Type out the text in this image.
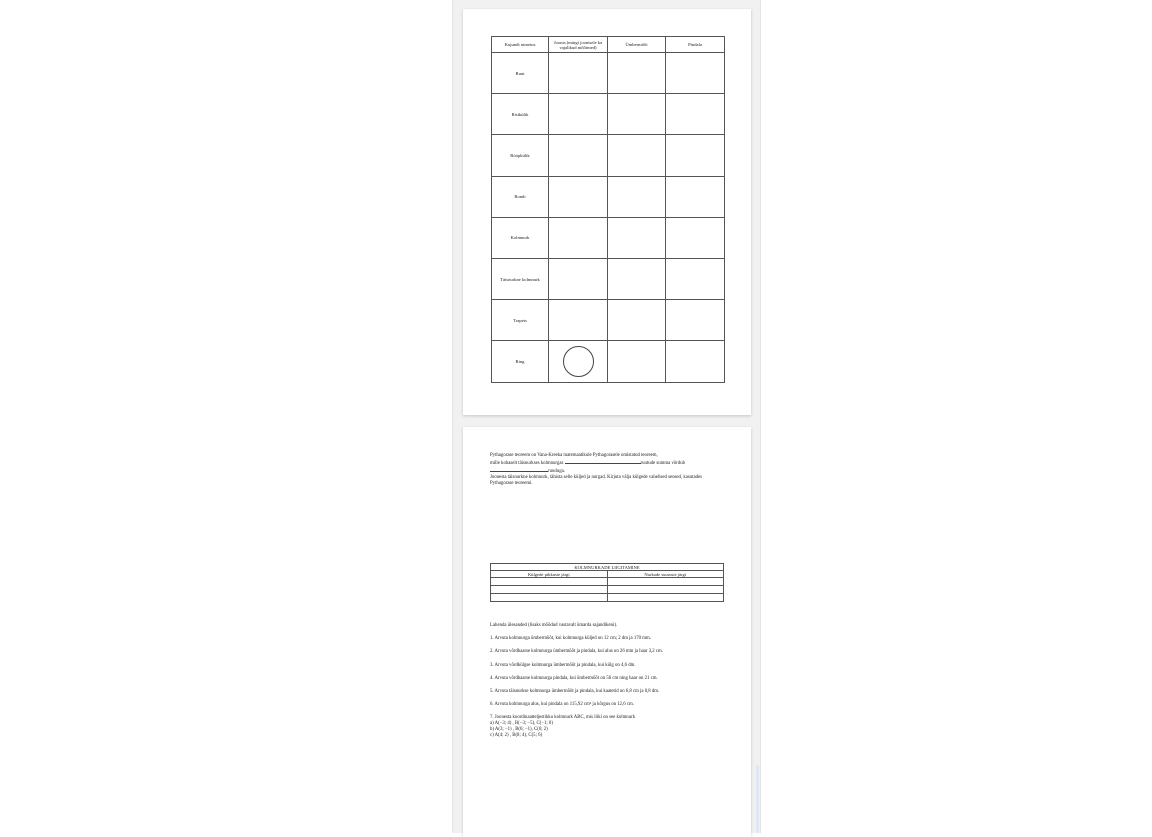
Kujundi nimetus	Joonis (märgi joonisele ka vajalikud mõõtmed)	Ümbermõõt	Pindala
Ruut			
Ristkülik			
Rööpkülik			
Romb			
Kolmnurk			
Täisnurkne kolmnurk			
Trapets			
Ring	

Pythagorase teoreem on Vana-Kreeka matemaatikule Pythagorasele omistatud teoreem,
mille kohaselt täisnurkses kolmnurgas	ruutude summa võrdub
ruuduga.
Joonesta täisnurkne kolmnurk, tähista selle küljed ja nurgad. Kirjuta välja külgede vahelised seosed, kasutades Pythagorase teoreemi.
KOLMNURKADE LIIGITAMINE	
Külgede pikkuste järgi	Nurkade suuruste järgi

Lahenda ülesanded (lisaks mõõdud vastavalt ümarda sajandikeni).
1. Arvuta kolmnurga ümbermõõt, kui kolmnurga küljed on 12 cm; 2 dm ja 170 mm.
2. Arvuta võrdhaarse kolmnurga ümbermõõt ja pindala, kui alus on 26 mm ja haar 3,2 cm.
3. Arvuta võrdkülgse kolmnurga ümbermõõt ja pindala, kui külg on 4,6 dm.
4. Arvuta võrdhaarse kolmnurga pindala, kui ümbermõõt on 56 cm ning haar on 21 cm.
5. Arvuta täisnurkse kolmnurga ümbermõõt ja pindala, kui kaatetid on 6,8 cm ja 0,8 dm.
6. Arvuta kolmnurga alus, kui pindala on 115,92 cm² ja kõrgus on 12,6 cm.
7. Joonesta koordinaatteljestikku kolmnurk ABC, mis liiki on see kolmnurk
a) A(−3; 4) , B(−3; −5), C(−1; 0)
b) A(3; −1) , B(6; −1), C(6; 2)
c) A(4; 2) , B(8; 4), C(5; 6)
